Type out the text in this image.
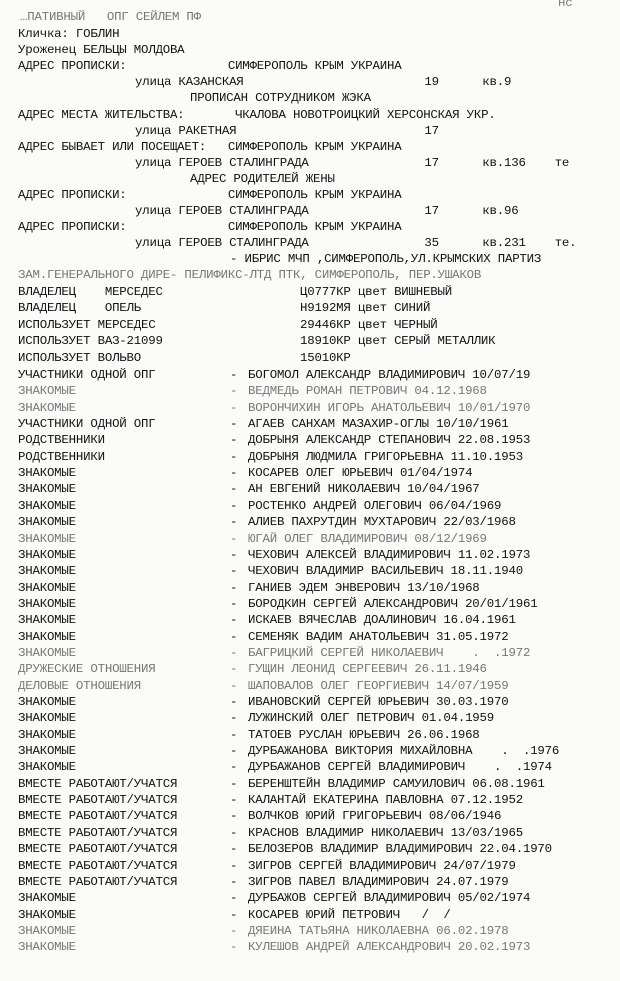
…ПАТИВНЫЙ   ОПГ СЕЙЛЕМ ПФ
нс
Кличка: ГОБЛИН
Уроженец БЕЛЬЦЫ МОЛДОВА
АДРЕС ПРОПИСКИ:              СИМФЕРОПОЛЬ КРЫМ УКРАИНА
улица КАЗАНСКАЯ                         19      кв.9
ПРОПИСАН СОТРУДНИКОМ ЖЭКА
АДРЕС МЕСТА ЖИТЕЛЬСТВА:       ЧКАЛОВА НОВОТРОИЦКИЙ ХЕРСОНСКАЯ УКР.
улица РАКЕТНАЯ                          17
АДРЕС БЫВАЕТ ИЛИ ПОСЕЩАЕТ:   СИМФЕРОПОЛЬ КРЫМ УКРАИНА
улица ГЕРОЕВ СТАЛИНГРАДА                17      кв.136    те
АДРЕС РОДИТЕЛЕЙ ЖЕНЫ
АДРЕС ПРОПИСКИ:              СИМФЕРОПОЛЬ КРЫМ УКРАИНА
улица ГЕРОЕВ СТАЛИНГРАДА                17      кв.96
АДРЕС ПРОПИСКИ:              СИМФЕРОПОЛЬ КРЫМ УКРАИНА
улица ГЕРОЕВ СТАЛИНГРАДА                35      кв.231    те.
- ИБРИС МЧП ,СИМФЕРОПОЛЬ,УЛ.КРЫМСКИХ ПАРТИЗ
ЗАМ.ГЕНЕРАЛЬНОГО ДИРЕ- ПЕЛИФИКС-ЛТД ПТК, СИМФЕРОПОЛЬ, ПЕР.УШАКОВ
ВЛАДЕЛЕЦ    МЕРСЕДЕС	Ц0777КР цвет ВИШНЕВЫЙ
ВЛАДЕЛЕЦ    ОПЕЛЬ	Н9192МЯ цвет СИНИЙ
ИСПОЛЬЗУЕТ МЕРСЕДЕС	29446КР цвет ЧЕРНЫЙ
ИСПОЛЬЗУЕТ ВАЗ-21099	18910КР цвет СЕРЫЙ МЕТАЛЛИК
ИСПОЛЬЗУЕТ ВОЛЬВО	15010КР
УЧАСТНИКИ ОДНОЙ ОПГ	- БОГОМОЛ АЛЕКСАНДР ВЛАДИМИРОВИЧ 10/07/19
ЗНАКОМЫЕ	- ВЕДМЕДЬ РОМАН ПЕТРОВИЧ 04.12.1968
ЗНАКОМЫЕ	- ВОРОНЧИХИН ИГОРЬ АНАТОЛЬЕВИЧ 10/01/1970
УЧАСТНИКИ ОДНОЙ ОПГ	- АГАЕВ САНХАМ МАЗАХИР-ОГЛЫ 10/10/1961
РОДСТВЕННИКИ	- ДОБРЫНЯ АЛЕКСАНДР СТЕПАНОВИЧ 22.08.1953
РОДСТВЕННИКИ	- ДОБРЫНЯ ЛЮДМИЛА ГРИГОРЬЕВНА 11.10.1953
ЗНАКОМЫЕ	- КОСАРЕВ ОЛЕГ ЮРЬЕВИЧ 01/04/1974
ЗНАКОМЫЕ	- АН ЕВГЕНИЙ НИКОЛАЕВИЧ 10/04/1967
ЗНАКОМЫЕ	- РОСТЕНКО АНДРЕЙ ОЛЕГОВИЧ 06/04/1969
ЗНАКОМЫЕ	- АЛИЕВ ПАХРУТДИН МУХТАРОВИЧ 22/03/1968
ЗНАКОМЫЕ	- ЮГАЙ ОЛЕГ ВЛАДИМИРОВИЧ 08/12/1969
ЗНАКОМЫЕ	- ЧЕХОВИЧ АЛЕКСЕЙ ВЛАДИМИРОВИЧ 11.02.1973
ЗНАКОМЫЕ	- ЧЕХОВИЧ ВЛАДИМИР ВАСИЛЬЕВИЧ 18.11.1940
ЗНАКОМЫЕ	- ГАНИЕВ ЭДЕМ ЭНВЕРОВИЧ 13/10/1968
ЗНАКОМЫЕ	- БОРОДКИН СЕРГЕЙ АЛЕКСАНДРОВИЧ 20/01/1961
ЗНАКОМЫЕ	- ИСКАЕВ ВЯЧЕСЛАВ ДОАЛИНОВИЧ 16.04.1961
ЗНАКОМЫЕ	- СЕМЕНЯК ВАДИМ АНАТОЛЬЕВИЧ 31.05.1972
ЗНАКОМЫЕ	- БАГРИЦКИЙ СЕРГЕЙ НИКОЛАЕВИЧ    .  .1972
ДРУЖЕСКИЕ ОТНОШЕНИЯ	- ГУЩИН ЛЕОНИД СЕРГЕЕВИЧ 26.11.1946
ДЕЛОВЫЕ ОТНОШЕНИЯ	- ШАПОВАЛОВ ОЛЕГ ГЕОРГИЕВИЧ 14/07/1959
ЗНАКОМЫЕ	- ИВАНОВСКИЙ СЕРГЕЙ ЮРЬЕВИЧ 30.03.1970
ЗНАКОМЫЕ	- ЛУЖИНСКИЙ ОЛЕГ ПЕТРОВИЧ 01.04.1959
ЗНАКОМЫЕ	- ТАТОЕВ РУСЛАН ЮРЬЕВИЧ 26.06.1968
ЗНАКОМЫЕ	- ДУРБАЖАНОВА ВИКТОРИЯ МИХАЙЛОВНА    .  .1976
ЗНАКОМЫЕ	- ДУРБАЖАНОВ СЕРГЕЙ ВЛАДИМИРОВИЧ    .  .1974
ВМЕСТЕ РАБОТАЮТ/УЧАТСЯ	- БЕРЕНШТЕЙН ВЛАДИМИР САМУИЛОВИЧ 06.08.1961
ВМЕСТЕ РАБОТАЮТ/УЧАТСЯ	- КАЛАНТАЙ ЕКАТЕРИНА ПАВЛОВНА 07.12.1952
ВМЕСТЕ РАБОТАЮТ/УЧАТСЯ	- ВОЛЧКОВ ЮРИЙ ГРИГОРЬЕВИЧ 08/06/1946
ВМЕСТЕ РАБОТАЮТ/УЧАТСЯ	- КРАСНОВ ВЛАДИМИР НИКОЛАЕВИЧ 13/03/1965
ВМЕСТЕ РАБОТАЮТ/УЧАТСЯ	- БЕЛОЗЕРОВ ВЛАДИМИР ВЛАДИМИРОВИЧ 22.04.1970
ВМЕСТЕ РАБОТАЮТ/УЧАТСЯ	- ЗИГРОВ СЕРГЕЙ ВЛАДИМИРОВИЧ 24/07/1979
ВМЕСТЕ РАБОТАЮТ/УЧАТСЯ	- ЗИГРОВ ПАВЕЛ ВЛАДИМИРОВИЧ 24.07.1979
ЗНАКОМЫЕ	- ДУРБАЖОВ СЕРГЕЙ ВЛАДИМИРОВИЧ 05/02/1974
ЗНАКОМЫЕ	- КОСАРЕВ ЮРИЙ ПЕТРОВИЧ   /  /
ЗНАКОМЫЕ	- ДЯЕИНА ТАТЬЯНА НИКОЛАЕВНА 06.02.1978
ЗНАКОМЫЕ	- КУЛЕШОВ АНДРЕЙ АЛЕКСАНДРОВИЧ 20.02.1973
